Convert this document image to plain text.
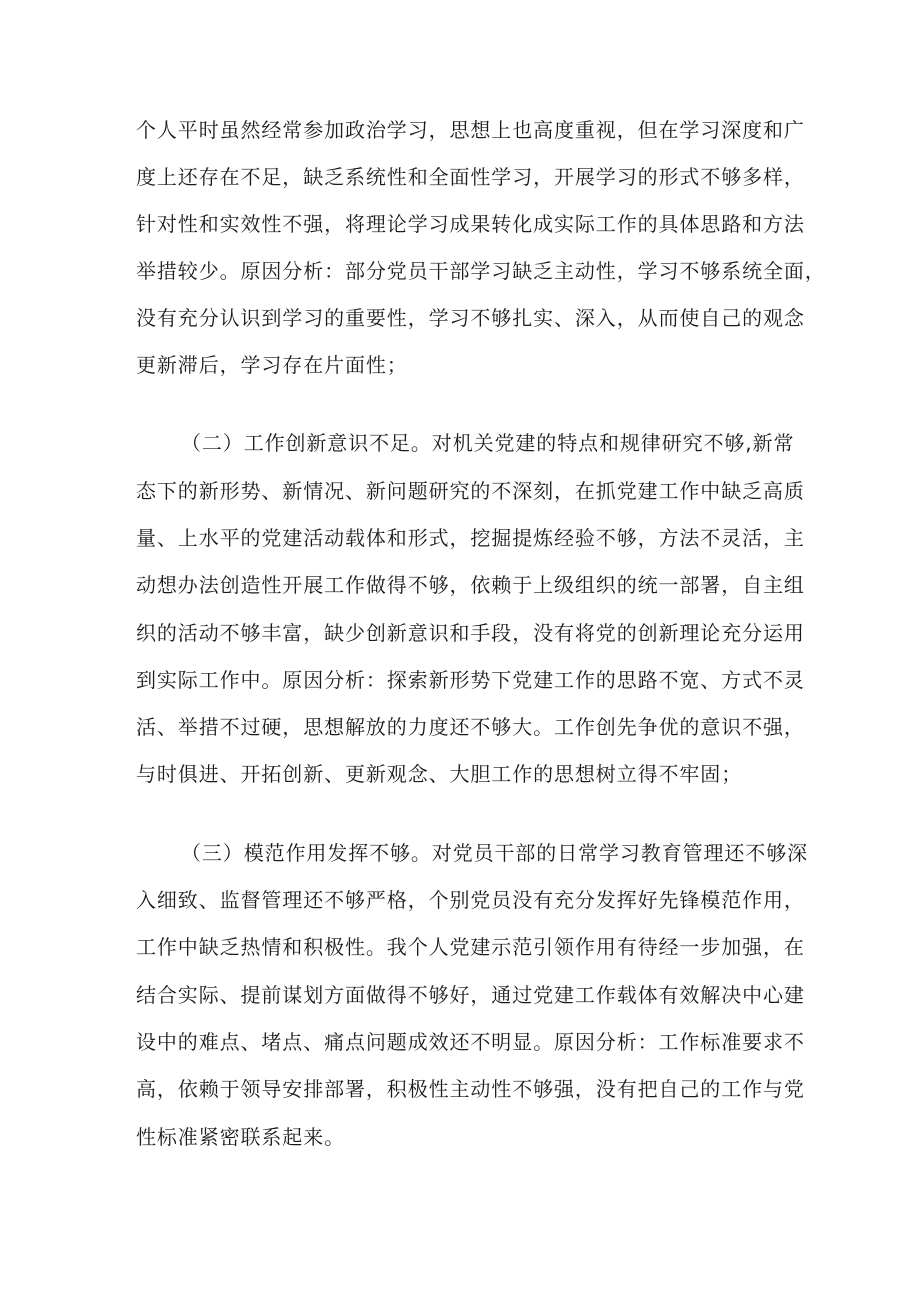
个人平时虽然经常参加政治学习，思想上也高度重视，但在学习深度和广
度上还存在不足，缺乏系统性和全面性学习，开展学习的形式不够多样，
针对性和实效性不强，将理论学习成果转化成实际工作的具体思路和方法
举措较少。原因分析：部分党员干部学习缺乏主动性，学习不够系统全面，
没有充分认识到学习的重要性，学习不够扎实、深入，从而使自己的观念
更新滞后，学习存在片面性；
（二）工作创新意识不足。对机关党建的特点和规律研究不够,新常
态下的新形势、新情况、新问题研究的不深刻，在抓党建工作中缺乏高质
量、上水平的党建活动载体和形式，挖掘提炼经验不够，方法不灵活，主
动想办法创造性开展工作做得不够，依赖于上级组织的统一部署，自主组
织的活动不够丰富，缺少创新意识和手段，没有将党的创新理论充分运用
到实际工作中。原因分析：探索新形势下党建工作的思路不宽、方式不灵
活、举措不过硬，思想解放的力度还不够大。工作创先争优的意识不强，
与时俱进、开拓创新、更新观念、大胆工作的思想树立得不牢固；
（三）模范作用发挥不够。对党员干部的日常学习教育管理还不够深
入细致、监督管理还不够严格，个别党员没有充分发挥好先锋模范作用，
工作中缺乏热情和积极性。我个人党建示范引领作用有待经一步加强，在
结合实际、提前谋划方面做得不够好，通过党建工作载体有效解决中心建
设中的难点、堵点、痛点问题成效还不明显。原因分析：工作标准要求不
高，依赖于领导安排部署，积极性主动性不够强，没有把自己的工作与党
性标准紧密联系起来。
